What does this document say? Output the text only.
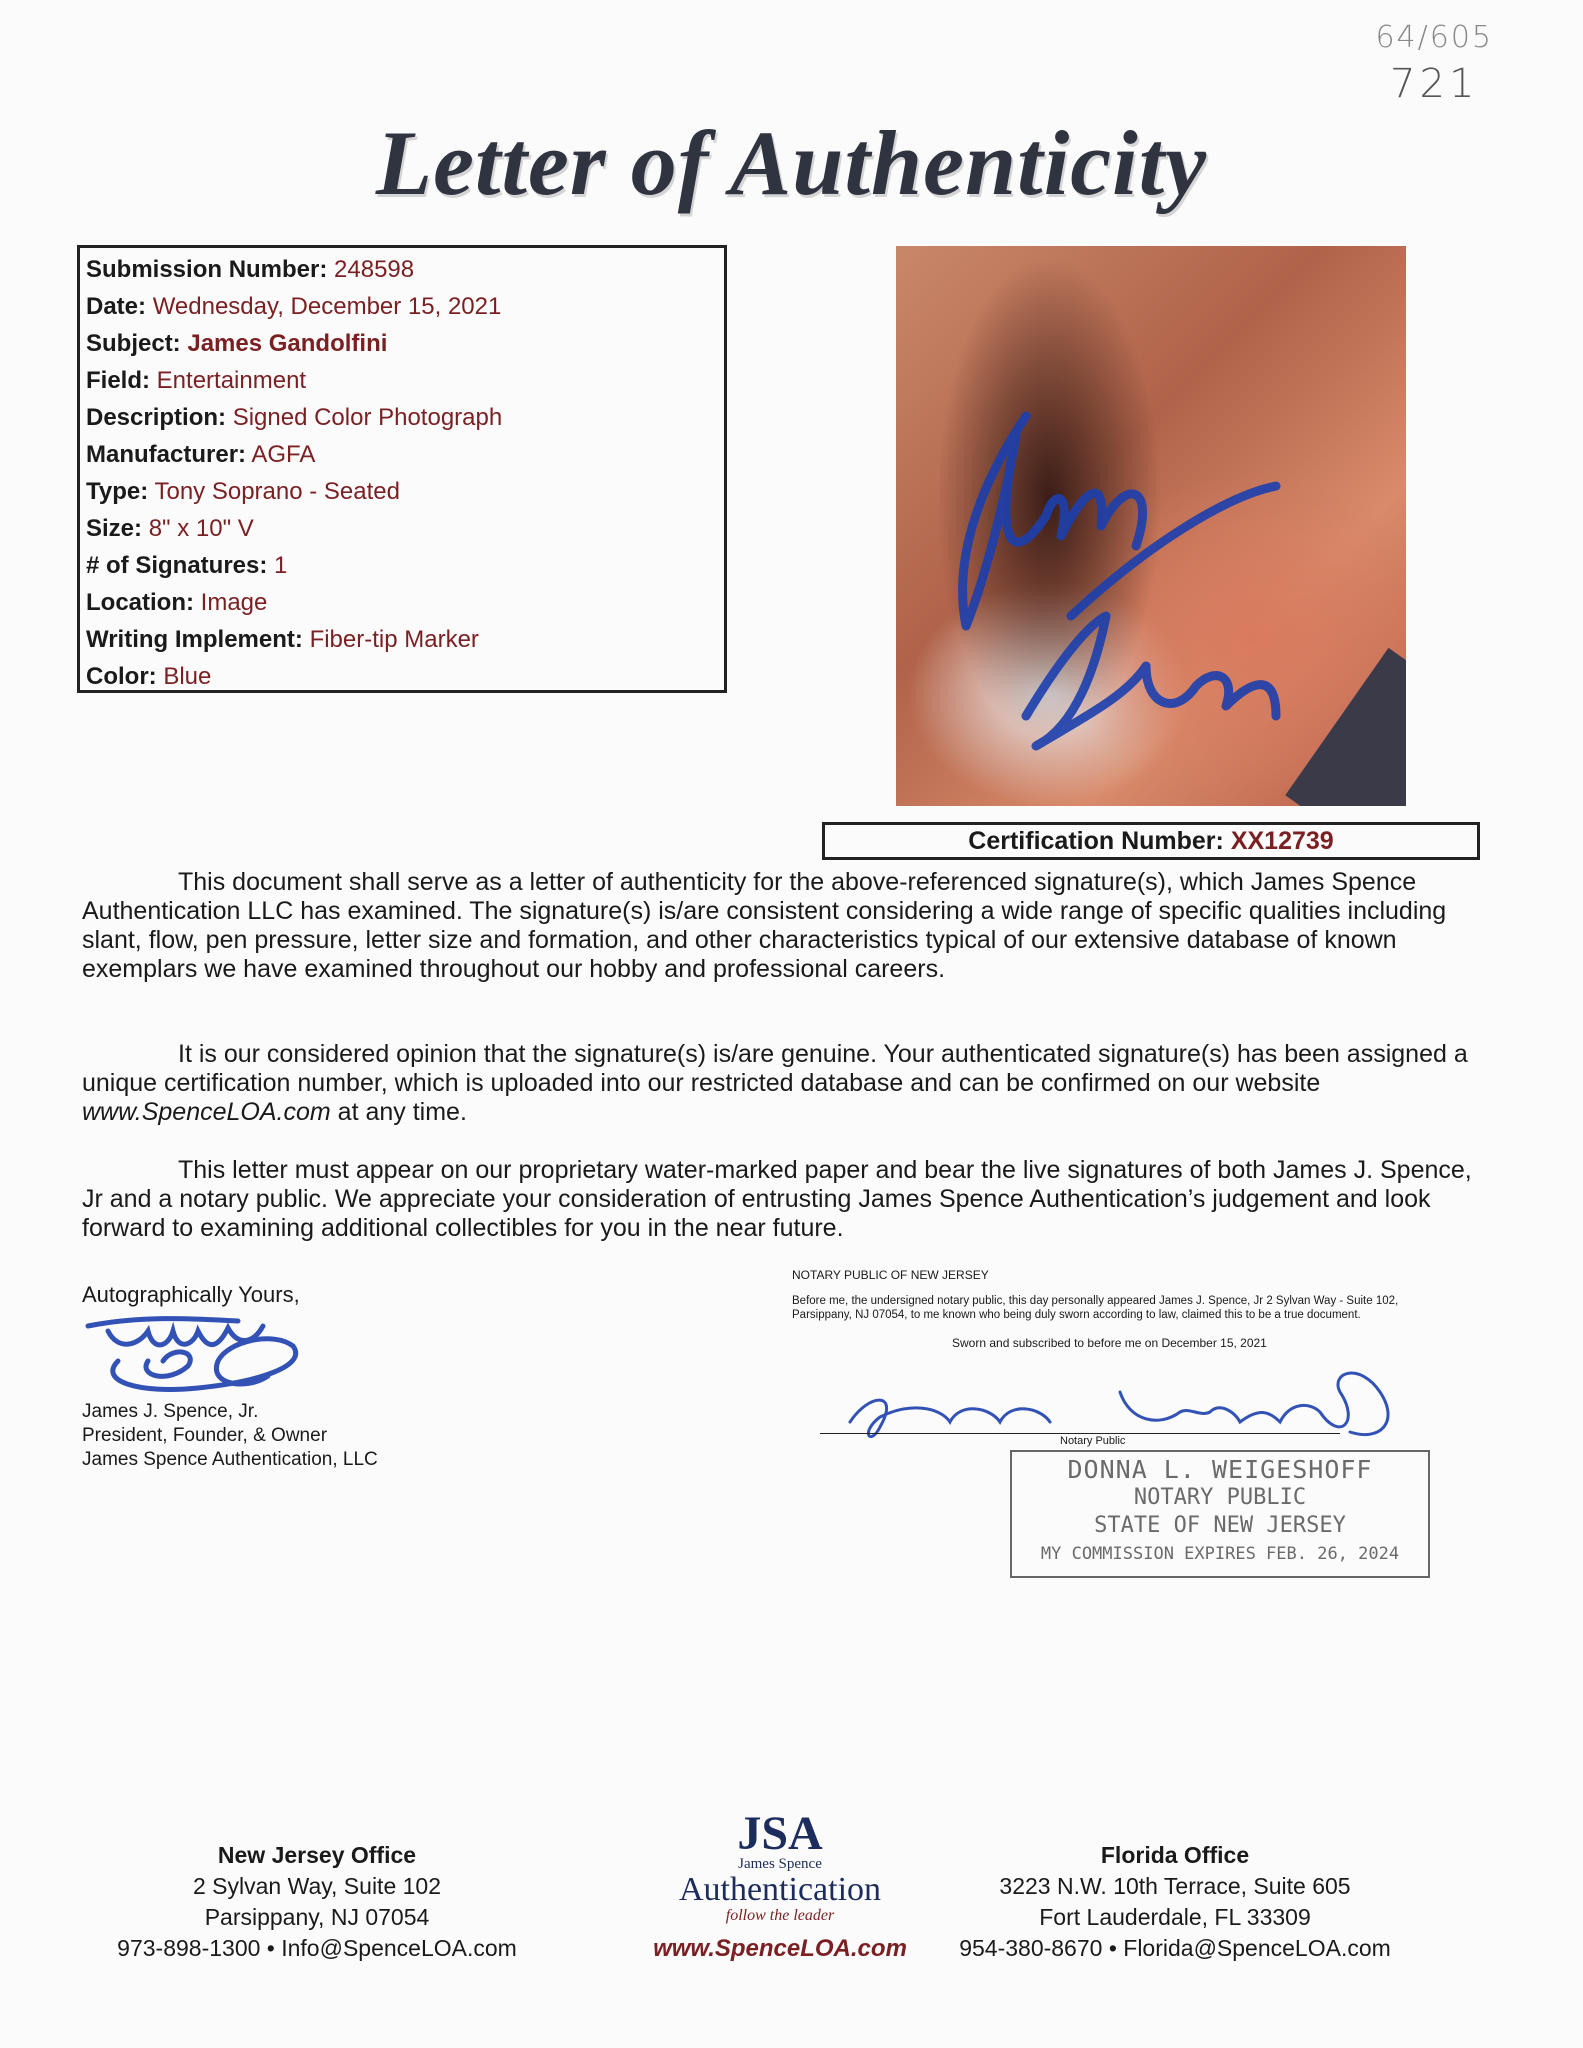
64/605
721
Letter of Authenticity
Submission Number: 248598
Date: Wednesday, December 15, 2021
Subject: James Gandolfini
Field: Entertainment
Description: Signed Color Photograph
Manufacturer: AGFA
Type: Tony Soprano - Seated
Size: 8" x 10" V
# of Signatures: 1
Location: Image
Writing Implement: Fiber-tip Marker
Color: Blue
Certification Number: XX12739
This document shall serve as a letter of authenticity for the above-referenced signature(s), which James Spence Authentication LLC has examined. The signature(s) is/are consistent considering a wide range of specific qualities including slant, flow, pen pressure, letter size and formation, and other characteristics typical of our extensive database of known exemplars we have examined throughout our hobby and professional careers.
It is our considered opinion that the signature(s) is/are genuine. Your authenticated signature(s) has been assigned a unique certification number, which is uploaded into our restricted database and can be confirmed on our website www.SpenceLOA.com at any time.
This letter must appear on our proprietary water-marked paper and bear the live signatures of both James J. Spence, Jr and a notary public. We appreciate your consideration of entrusting James Spence Authentication’s judgement and look forward to examining additional collectibles for you in the near future.
Autographically Yours,
James J. Spence, Jr.
President, Founder, & Owner
James Spence Authentication, LLC
NOTARY PUBLIC OF NEW JERSEY
Before me, the undersigned notary public, this day personally appeared James J. Spence, Jr 2 Sylvan Way - Suite 102, Parsippany, NJ 07054, to me known who being duly sworn according to law, claimed this to be a true document.
Sworn and subscribed to before me on December 15, 2021
Notary Public
DONNA L. WEIGESHOFF
NOTARY PUBLIC
STATE OF NEW JERSEY
MY COMMISSION EXPIRES FEB. 26, 2024
New Jersey Office
2 Sylvan Way, Suite 102
Parsippany, NJ 07054
973-898-1300 • Info@SpenceLOA.com
JSA
James Spence
Authentication
follow the leader
www.SpenceLOA.com
Florida Office
3223 N.W. 10th Terrace, Suite 605
Fort Lauderdale, FL 33309
954-380-8670 • Florida@SpenceLOA.com
